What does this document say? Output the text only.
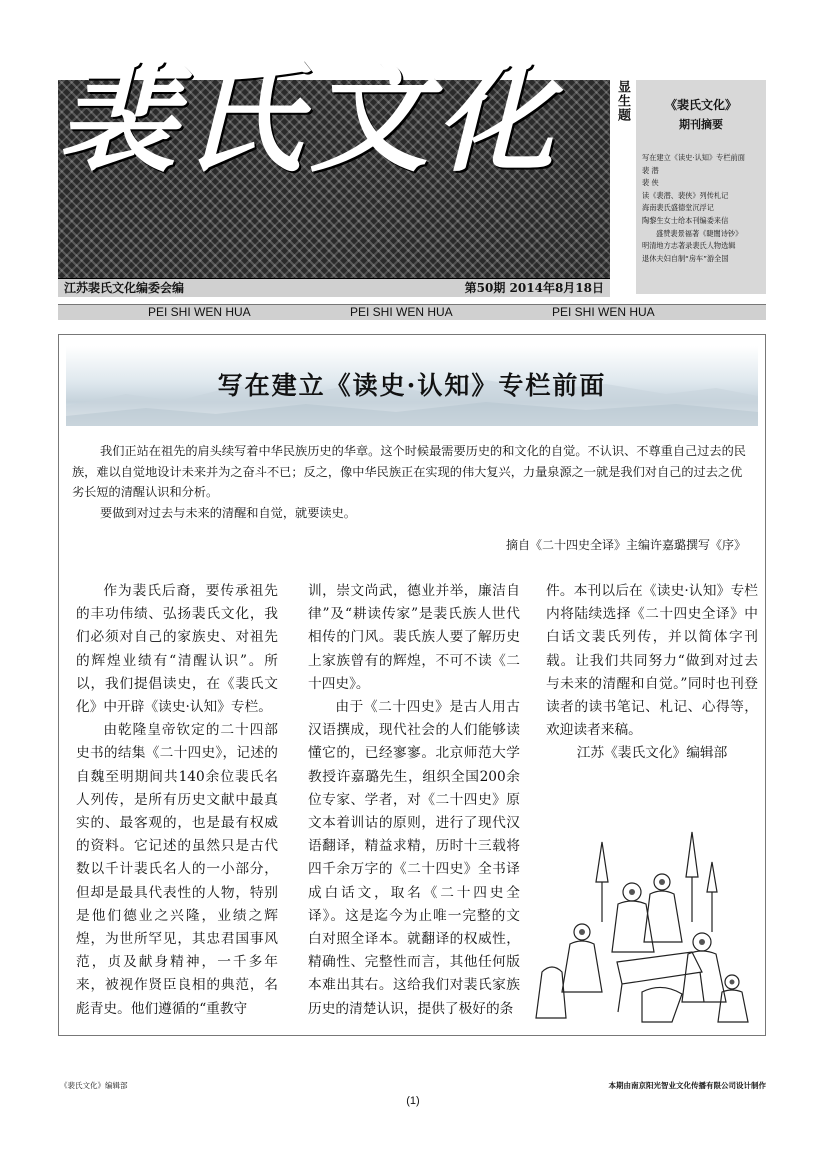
裴氏文化	显生题
江苏裴氏文化编委会编	第50期 2014年8月18日
《裴氏文化》
期刊摘要
写在建立《读史·认知》专栏前面
裴 潜
裴 侠
读《裴潜、裴侠》列传札记
海南裴氏盛德堂沉浮记
陶黎生女士给本刊编委来信
盛赞裴景福著《睫闇诗钞》
明清地方志著录裴氏人物选辑
退休夫妇自制“房车”游全国
PEI SHI WEN HUA	PEI SHI WEN HUA	PEI SHI WEN HUA
写在建立《读史·认知》专栏前面

我们正站在祖先的肩头续写着中华民族历史的华章。这个时候最需要历史的和文化的自觉。不认识、不尊重自己过去的民族，难以自觉地设计未来并为之奋斗不已；反之，像中华民族正在实现的伟大复兴，力量泉源之一就是我们对自己的过去之优劣长短的清醒认识和分析。

要做到对过去与未来的清醒和自觉，就要读史。

摘自《二十四史全译》主编许嘉璐撰写《序》

作为裴氏后裔，要传承祖先的丰功伟绩、弘扬裴氏文化，我们必须对自己的家族史、对祖先的辉煌业绩有“清醒认识”。所以，我们提倡读史，在《裴氏文化》中开辟《读史·认知》专栏。

由乾隆皇帝钦定的二十四部史书的结集《二十四史》，记述的自魏至明期间共140余位裴氏名人列传，是所有历史文献中最真实的、最客观的，也是最有权威的资料。它记述的虽然只是古代数以千计裴氏名人的一小部分，但却是最具代表性的人物，特别是他们德业之兴隆，业绩之辉煌，为世所罕见，其忠君国事风范，贞及献身精神，一千多年来，被视作贤臣良相的典范，名彪青史。他们遵循的“重教守

训，崇文尚武，德业并举，廉洁自律”及“耕读传家”是裴氏族人世代相传的门风。裴氏族人要了解历史上家族曾有的辉煌，不可不读《二十四史》。

由于《二十四史》是古人用古汉语撰成，现代社会的人们能够读懂它的，已经寥寥。北京师范大学教授许嘉璐先生，组织全国200余位专家、学者，对《二十四史》原文本着训诂的原则，进行了现代汉语翻译，精益求精，历时十三载将四千余万字的《二十四史》全书译成白话文，取名《二十四史全译》。这是迄今为止唯一完整的文白对照全译本。就翻译的权威性，精确性、完整性而言，其他任何版本难出其右。这给我们对裴氏家族历史的清楚认识，提供了极好的条

件。本刊以后在《读史·认知》专栏内将陆续选择《二十四史全译》中白话文裴氏列传，并以简体字刊载。让我们共同努力“做到对过去与未来的清醒和自觉。”同时也刊登读者的读书笔记、札记、心得等，欢迎读者来稿。

江苏《裴氏文化》编辑部

《裴氏文化》编辑部	本期由南京阳光智业文化传播有限公司设计制作
(1)
